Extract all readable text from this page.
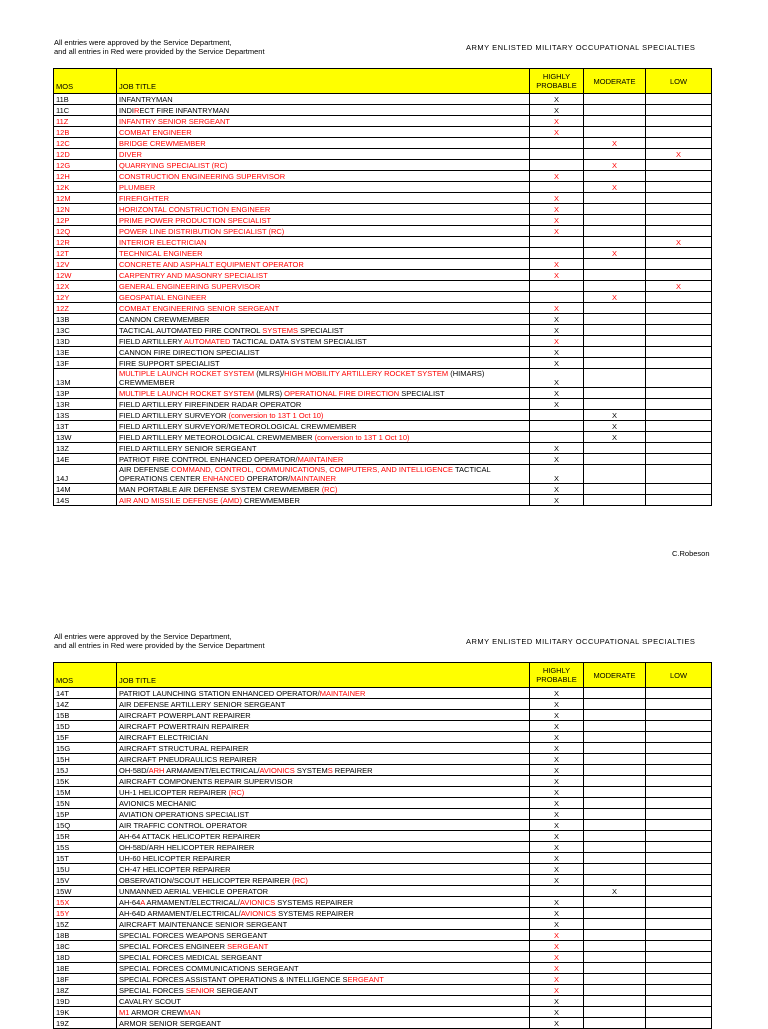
All entries were approved by the Service Department,
and all entries in Red were provided by the Service Department	ARMY ENLISTED MILITARY OCCUPATIONAL SPECIALTIES
MOS	JOB TITLE	HIGHLY PROBABLE	MODERATE	LOW
11B	INFANTRYMAN	X		
11C	INDIRECT FIRE INFANTRYMAN	X		
11Z	INFANTRY SENIOR SERGEANT	X		
12B	COMBAT ENGINEER	X		
12C	BRIDGE CREWMEMBER		X	
12D	DIVER			X
12G	QUARRYING SPECIALIST (RC)		X	
12H	CONSTRUCTION ENGINEERING SUPERVISOR	X		
12K	PLUMBER		X	
12M	FIREFIGHTER	X		
12N	HORIZONTAL CONSTRUCTION ENGINEER	X		
12P	PRIME POWER PRODUCTION SPECIALIST	X		
12Q	POWER LINE DISTRIBUTION SPECIALIST (RC)	X		
12R	INTERIOR ELECTRICIAN			X
12T	TECHNICAL ENGINEER		X	
12V	CONCRETE AND ASPHALT EQUIPMENT OPERATOR	X		
12W	CARPENTRY AND MASONRY SPECIALIST	X		
12X	GENERAL ENGINEERING SUPERVISOR			X
12Y	GEOSPATIAL ENGINEER		X	
12Z	COMBAT ENGINEERING SENIOR SERGEANT	X		
13B	CANNON CREWMEMBER	X		
13C	TACTICAL AUTOMATED FIRE CONTROL SYSTEMS SPECIALIST	X		
13D	FIELD ARTILLERY AUTOMATED TACTICAL DATA SYSTEM SPECIALIST	X		
13E	CANNON FIRE DIRECTION SPECIALIST	X		
13F	FIRE SUPPORT SPECIALIST	X		
13M	MULTIPLE LAUNCH ROCKET SYSTEM (MLRS)/HIGH MOBILITY ARTILLERY ROCKET SYSTEM (HIMARS) CREWMEMBER	X		
13P	MULTIPLE LAUNCH ROCKET SYSTEM (MLRS) OPERATIONAL FIRE DIRECTION SPECIALIST	X		
13R	FIELD ARTILLERY FIREFINDER RADAR OPERATOR	X		
13S	FIELD ARTILLERY SURVEYOR (conversion to 13T 1 Oct 10)		X	
13T	FIELD ARTILLERY SURVEYOR/METEOROLOGICAL CREWMEMBER		X	
13W	FIELD ARTILLERY METEOROLOGICAL CREWMEMBER (conversion to 13T 1 Oct 10)		X	
13Z	FIELD ARTILLERY SENIOR SERGEANT	X		
14E	PATRIOT FIRE CONTROL ENHANCED OPERATOR/MAINTAINER	X		
14J	AIR DEFENSE COMMAND, CONTROL, COMMUNICATIONS, COMPUTERS, AND INTELLIGENCE TACTICAL OPERATIONS CENTER ENHANCED OPERATOR/MAINTAINER	X		
14M	MAN PORTABLE AIR DEFENSE SYSTEM CREWMEMBER (RC)	X		
14S	AIR AND MISSILE DEFENSE (AMD) CREWMEMBER	X		
C.Robeson
All entries were approved by the Service Department,
and all entries in Red were provided by the Service Department	ARMY ENLISTED MILITARY OCCUPATIONAL SPECIALTIES
MOS	JOB TITLE	HIGHLY PROBABLE	MODERATE	LOW
14T	PATRIOT LAUNCHING STATION ENHANCED OPERATOR/MAINTAINER	X		
14Z	AIR DEFENSE ARTILLERY SENIOR SERGEANT	X		
15B	AIRCRAFT POWERPLANT REPAIRER	X		
15D	AIRCRAFT POWERTRAIN REPAIRER	X		
15F	AIRCRAFT ELECTRICIAN	X		
15G	AIRCRAFT STRUCTURAL REPAIRER	X		
15H	AIRCRAFT PNEUDRAULICS REPAIRER	X		
15J	OH-58D/ARH ARMAMENT/ELECTRICAL/AVIONICS SYSTEMS REPAIRER	X		
15K	AIRCRAFT COMPONENTS REPAIR SUPERVISOR	X		
15M	UH-1 HELICOPTER REPAIRER (RC)	X		
15N	AVIONICS MECHANIC	X		
15P	AVIATION OPERATIONS SPECIALIST	X		
15Q	AIR TRAFFIC CONTROL OPERATOR	X		
15R	AH-64 ATTACK HELICOPTER REPAIRER	X		
15S	OH-58D/ARH HELICOPTER REPAIRER	X		
15T	UH-60 HELICOPTER REPAIRER	X		
15U	CH-47 HELICOPTER REPAIRER	X		
15V	OBSERVATION/SCOUT HELICOPTER REPAIRER (RC)	X		
15W	UNMANNED AERIAL VEHICLE OPERATOR		X	
15X	AH-64A ARMAMENT/ELECTRICAL/AVIONICS SYSTEMS REPAIRER	X		
15Y	AH-64D ARMAMENT/ELECTRICAL/AVIONICS SYSTEMS REPAIRER	X		
15Z	AIRCRAFT MAINTENANCE SENIOR SERGEANT	X		
18B	SPECIAL FORCES WEAPONS SERGEANT	X		
18C	SPECIAL FORCES ENGINEER SERGEANT	X		
18D	SPECIAL FORCES MEDICAL SERGEANT	X		
18E	SPECIAL FORCES COMMUNICATIONS SERGEANT	X		
18F	SPECIAL FORCES ASSISTANT OPERATIONS & INTELLIGENCE SERGEANT	X		
18Z	SPECIAL FORCES SENIOR SERGEANT	X		
19D	CAVALRY SCOUT	X		
19K	M1 ARMOR CREWMAN	X		
19Z	ARMOR SENIOR SERGEANT	X		
